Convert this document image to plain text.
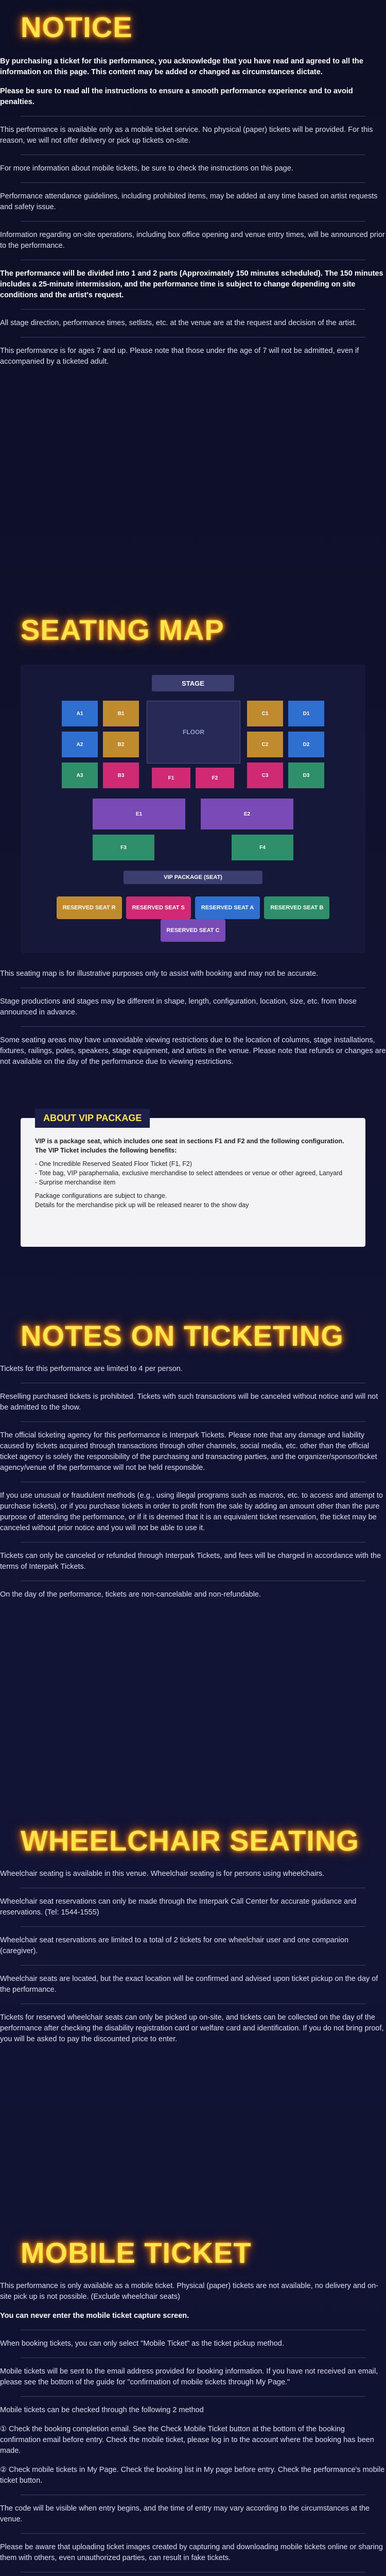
NOTICE

By purchasing a ticket for this performance, you acknowledge that you have read and agreed to all the information on this page. This content may be added or changed as circumstances dictate.

Please be sure to read all the instructions to ensure a smooth performance experience and to avoid penalties.

This performance is available only as a mobile ticket service. No physical (paper) tickets will be provided. For this reason, we will not offer delivery or pick up tickets on-site.

For more information about mobile tickets, be sure to check the instructions on this page.

Performance attendance guidelines, including prohibited items, may be added at any time based on artist requests and safety issue.

Information regarding on-site operations, including box office opening and venue entry times, will be announced prior to the performance.

The performance will be divided into 1 and 2 parts (Approximately 150 minutes scheduled). The 150 minutes includes a 25-minute intermission, and the performance time is subject to change depending on site conditions and the artist's request.

All stage direction, performance times, setlists, etc. at the venue are at the request and decision of the artist.

This performance is for ages 7 and up. Please note that those under the age of 7 will not be admitted, even if accompanied by a ticketed adult.

SEATING MAP
STAGE
FLOOR
F1	F2
A1
A2
A3
B1
B2
B3
C1
C2
C3
D1
D2
D3
E1	E2
F3	F4
VIP PACKAGE (SEAT)
RESERVED SEAT R	RESERVED SEAT S	RESERVED SEAT A	RESERVED SEAT BRESERVED SEAT C

This seating map is for illustrative purposes only to assist with booking and may not be accurate.

Stage productions and stages may be different in shape, length, configuration, location, size, etc. from those announced in advance.

Some seating areas may have unavoidable viewing restrictions due to the location of columns, stage installations, fixtures, railings, poles, speakers, stage equipment, and artists in the venue. Please note that refunds or changes are not available on the day of the performance due to viewing restrictions.

ABOUT VIP PACKAGE

VIP is a package seat, which includes one seat in sections F1 and F2 and the following configuration.

The VIP Ticket includes the following benefits:

- One Incredible Reserved Seated Floor Ticket (F1, F2)

- Tote bag, VIP paraphernalia, exclusive merchandise to select attendees or venue or other agreed, Lanyard

- Surprise merchandise item

Package configurations are subject to change.

Details for the merchandise pick up will be released nearer to the show day

NOTES ON TICKETING

Tickets for this performance are limited to 4 per person.

Reselling purchased tickets is prohibited. Tickets with such transactions will be canceled without notice and will not be admitted to the show.

The official ticketing agency for this performance is Interpark Tickets. Please note that any damage and liability caused by tickets acquired through transactions through other channels, social media, etc. other than the official ticket agency is solely the responsibility of the purchasing and transacting parties, and the organizer/sponsor/ticket agency/venue of the performance will not be held responsible.

If you use unusual or fraudulent methods (e.g., using illegal programs such as macros, etc. to access and attempt to purchase tickets), or if you purchase tickets in order to profit from the sale by adding an amount other than the pure purpose of attending the performance, or if it is deemed that it is an equivalent ticket reservation, the ticket may be canceled without prior notice and you will not be able to use it.

Tickets can only be canceled or refunded through Interpark Tickets, and fees will be charged in accordance with the terms of Interpark Tickets.

On the day of the performance, tickets are non-cancelable and non-refundable.

WHEELCHAIR SEATING

Wheelchair seating is available in this venue. Wheelchair seating is for persons using wheelchairs.

Wheelchair seat reservations can only be made through the Interpark Call Center for accurate guidance and reservations. (Tel: 1544-1555)

Wheelchair seat reservations are limited to a total of 2 tickets for one wheelchair user and one companion (caregiver).

Wheelchair seats are located, but the exact location will be confirmed and advised upon ticket pickup on the day of the performance.

Tickets for reserved wheelchair seats can only be picked up on-site, and tickets can be collected on the day of the performance after checking the disability registration card or welfare card and identification. If you do not bring proof, you will be asked to pay the discounted price to enter.

MOBILE TICKET

This performance is only available as a mobile ticket. Physical (paper) tickets are not available, no delivery and on-site pick up is not possible. (Exclude wheelchair seats)

You can never enter the mobile ticket capture screen.

When booking tickets, you can only select "Mobile Ticket" as the ticket pickup method.

Mobile tickets will be sent to the email address provided for booking information. If you have not received an email, please see the bottom of the guide for "confirmation of mobile tickets through My Page."

Mobile tickets can be checked through the following 2 method

① Check the booking completion email. See the Check Mobile Ticket button at the bottom of the booking confirmation email before entry. Check the mobile ticket, please log in to the account where the booking has been made.

② Check mobile tickets in My Page. Check the booking list in My page before entry. Check the performance's mobile ticket button.

The code will be visible when entry begins, and the time of entry may vary according to the circumstances at the venue.

Please be aware that uploading ticket images created by capturing and downloading mobile tickets online or sharing them with others, even unauthorized parties, can result in fake tickets.
